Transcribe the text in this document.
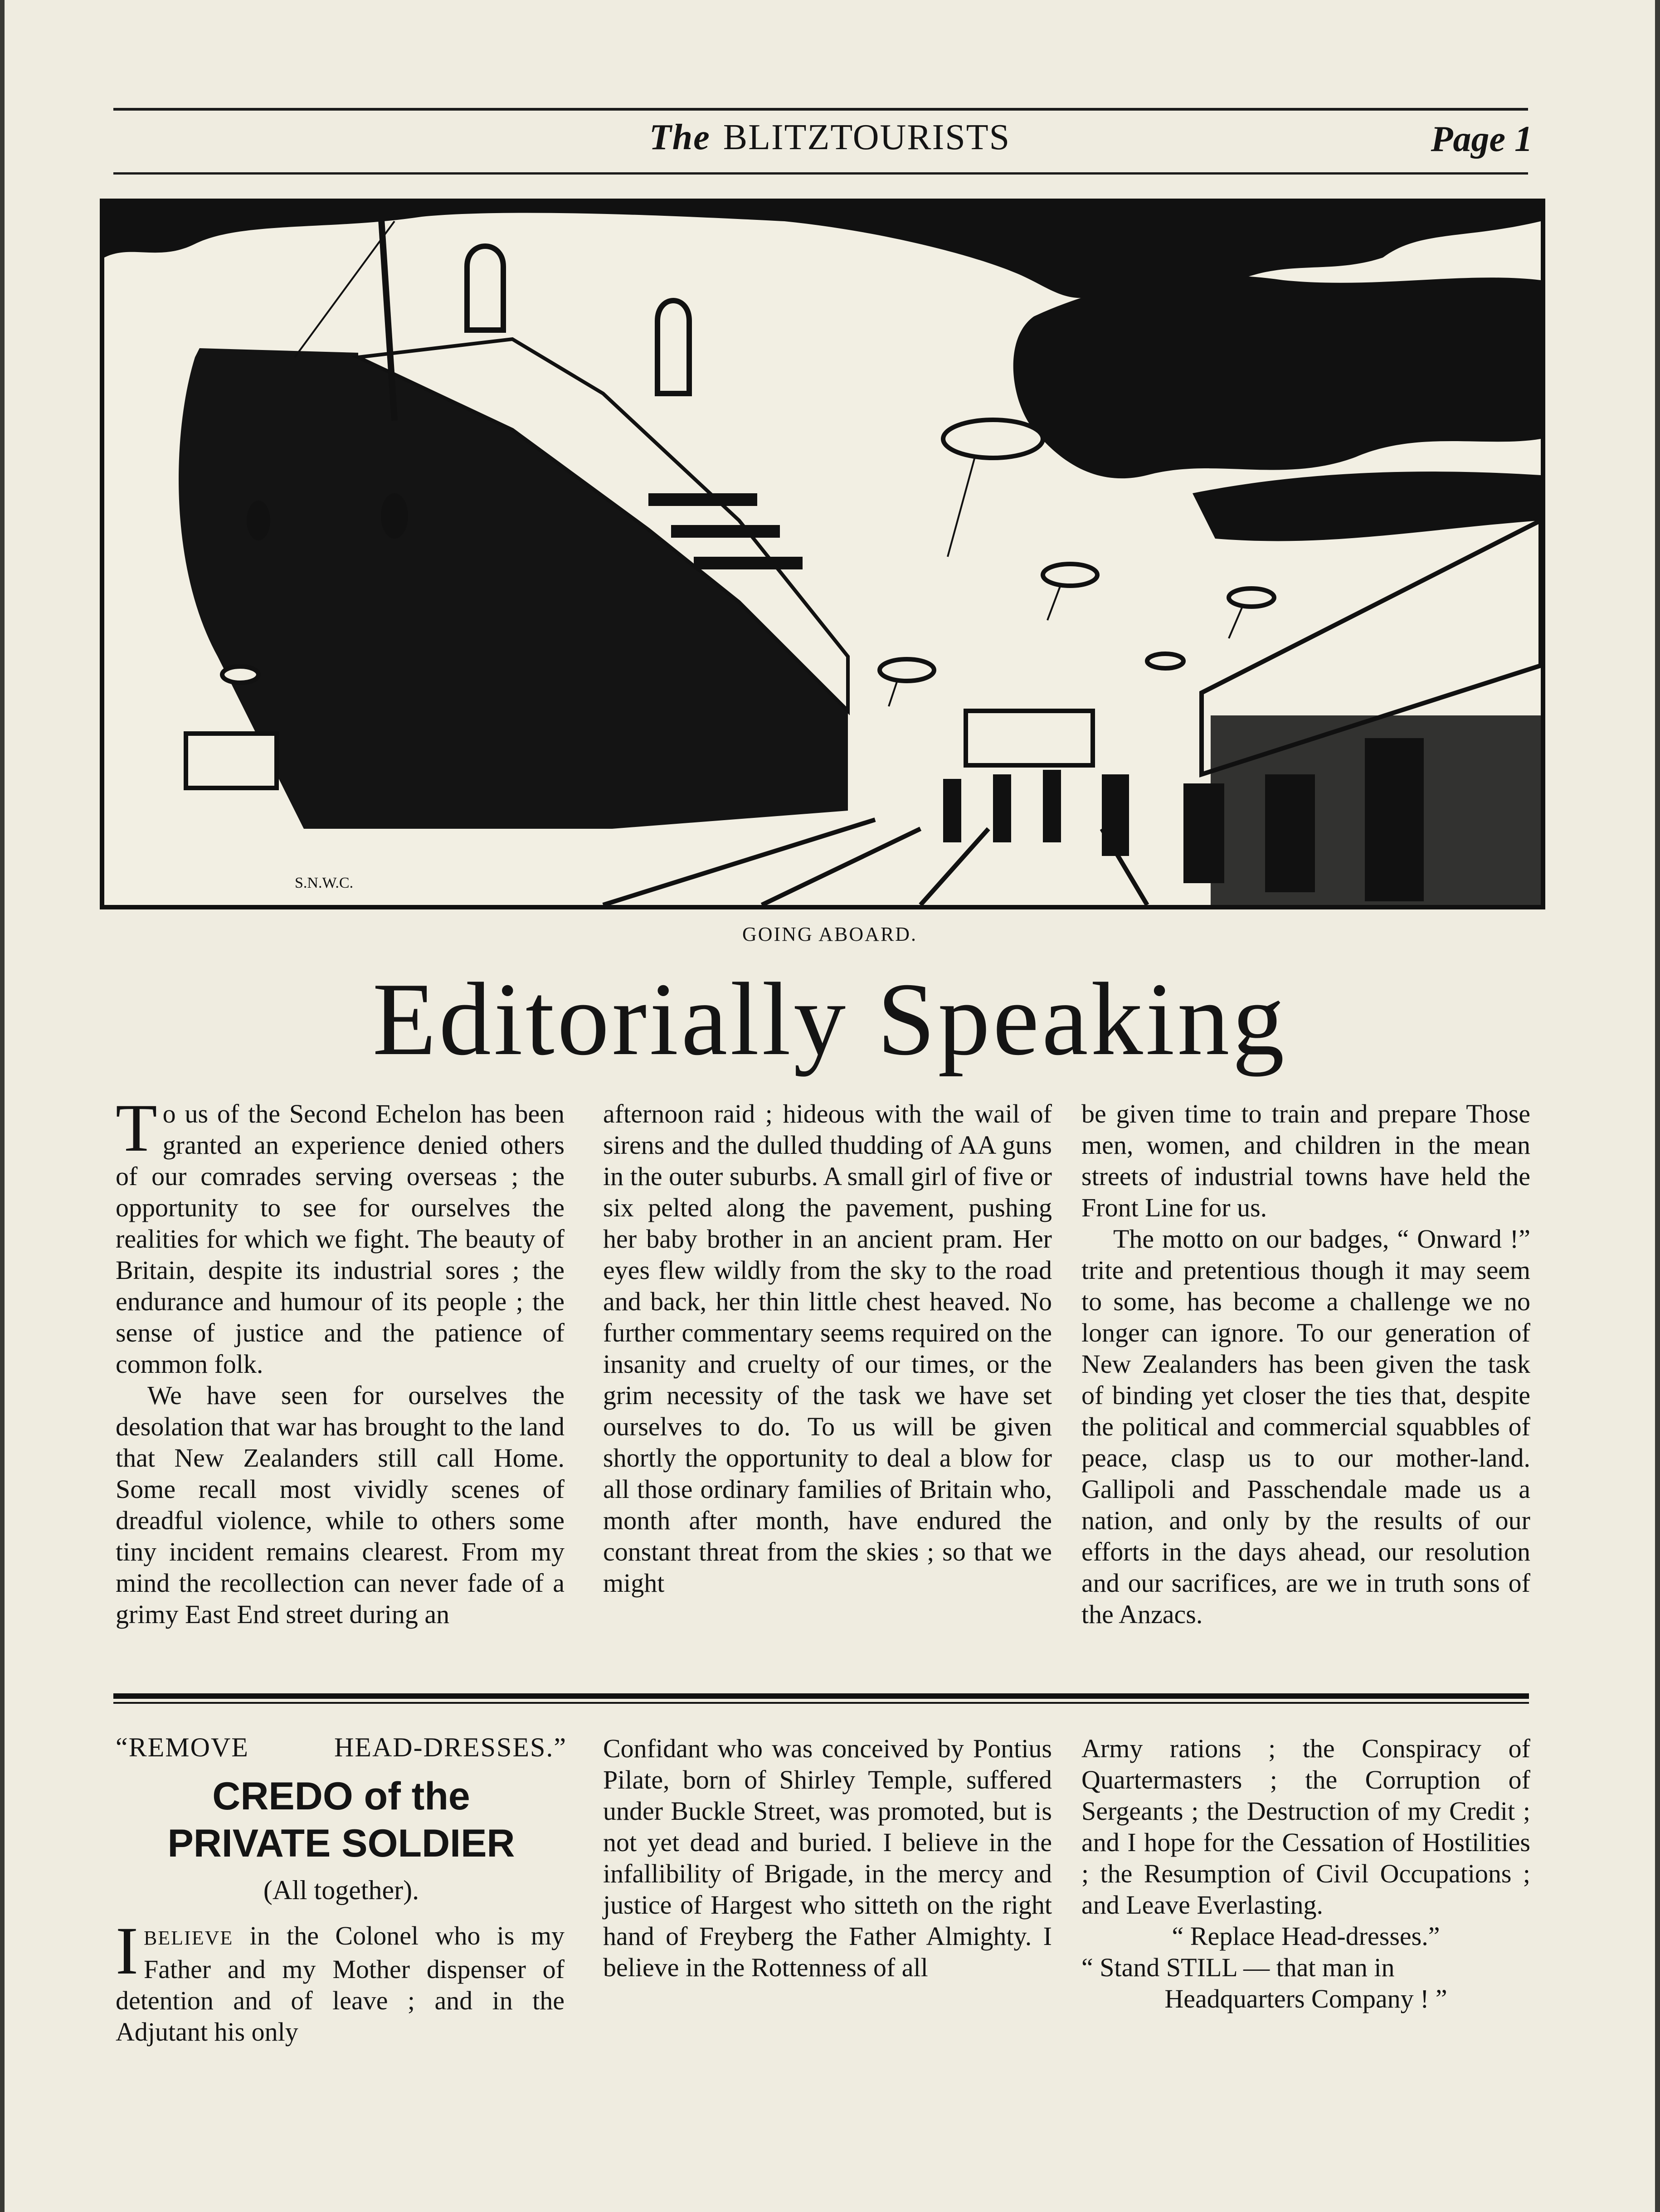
The BLITZTOURISTS	Page 1
S.N.W.C.
GOING ABOARD.
Editorially Speaking

To us of the Second Echelon has been granted an experience denied others of our comrades serving overseas ; the opportunity to see for ourselves the realities for which we fight. The beauty of Britain, despite its industrial sores ; the endurance and humour of its people ; the sense of justice and the patience of common folk.

We have seen for ourselves the desolation that war has brought to the land that New Zealanders still call Home. Some recall most vividly scenes of dreadful violence, while to others some tiny incident remains clearest. From my mind the recollection can never fade of a grimy East End street during an

afternoon raid ; hideous with the wail of sirens and the dulled thudding of AA guns in the outer suburbs. A small girl of five or six pelted along the pavement, pushing her baby brother in an ancient pram. Her eyes flew wildly from the sky to the road and back, her thin little chest heaved. No further commentary seems required on the insanity and cruelty of our times, or the grim necessity of the task we have set ourselves to do. To us will be given shortly the opportunity to deal a blow for all those ordinary families of Britain who, month after month, have endured the constant threat from the skies ; so that we might

be given time to train and prepare Those men, women, and children in the mean streets of industrial towns have held the Front Line for us.

The motto on our badges, “ Onward !” trite and pretentious though it may seem to some, has become a challenge we no longer can ignore. To our generation of New Zealanders has been given the task of binding yet closer the ties that, despite the political and commercial squabbles of peace, clasp us to our mother-land. Gallipoli and Passchendale made us a nation, and only by the results of our efforts in the days ahead, our resolution and our sacrifices, are we in truth sons of the Anzacs.

“REMOVE HEAD-DRESSES.”
CREDO of the
PRIVATE SOLDIER
(All together).
IBELIEVE in the Colonel who is my Father and my Mother dispenser of detention and of leave ; and in the Adjutant his only

Confidant who was conceived by Pontius Pilate, born of Shirley Temple, suffered under Buckle Street, was promoted, but is not yet dead and buried. I believe in the infallibility of Brigade, in the mercy and justice of Hargest who sitteth on the right hand of Freyberg the Father Almighty. I believe in the Rottenness of all

Army rations ; the Conspiracy of Quartermasters ; the Corruption of Sergeants ; the Destruction of my Credit ; and I hope for the Cessation of Hostilities ; the Resumption of Civil Occupations ; and Leave Everlasting.

“ Replace Head-dresses.”

“ Stand STILL — that man in

Headquarters Company ! ”
